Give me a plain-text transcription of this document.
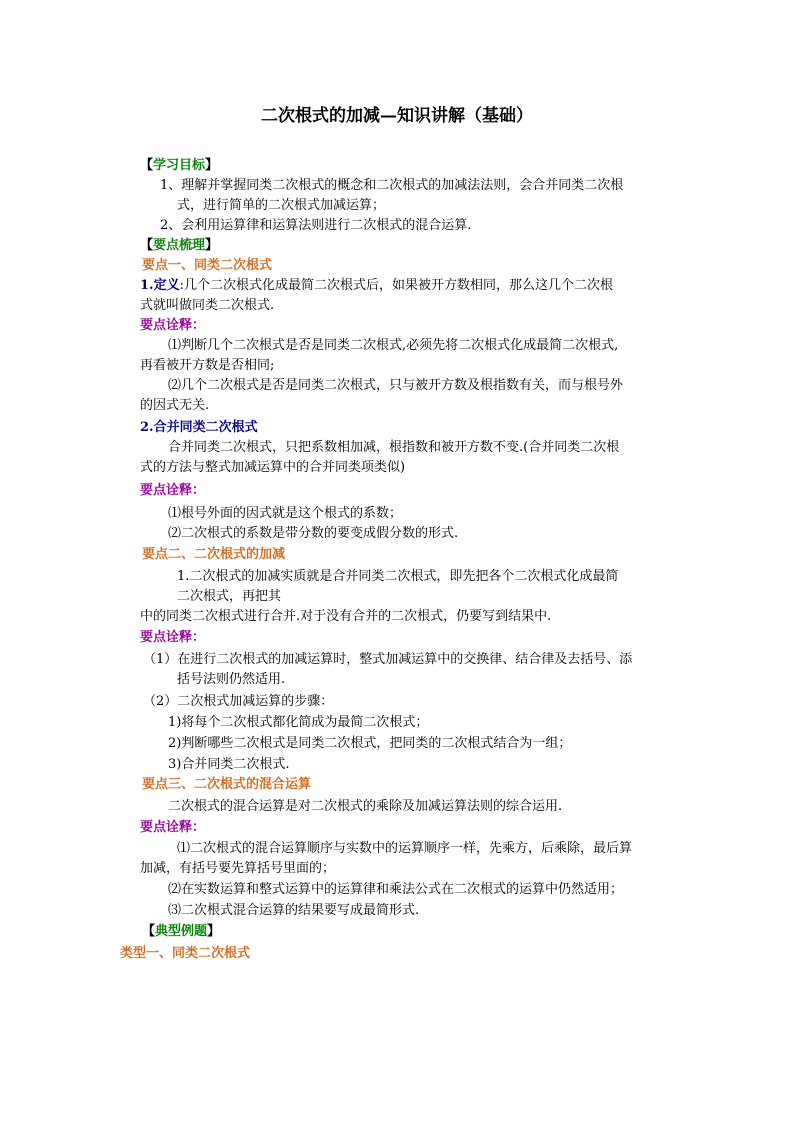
二次根式的加减—知识讲解（基础）
【学习目标】
1、理解并掌握同类二次根式的概念和二次根式的加减法法则，会合并同类二次根
式，进行简单的二次根式加减运算；
2、会利用运算律和运算法则进行二次根式的混合运算.
【要点梳理】
要点一、同类二次根式
1.定义:几个二次根式化成最简二次根式后，如果被开方数相同，那么这几个二次根
式就叫做同类二次根式.
要点诠释：
⑴判断几个二次根式是否是同类二次根式,必须先将二次根式化成最简二次根式,
再看被开方数是否相同;
⑵几个二次根式是否是同类二次根式，只与被开方数及根指数有关，而与根号外
的因式无关.
2.合并同类二次根式
合并同类二次根式，只把系数相加减，根指数和被开方数不变.(合并同类二次根
式的方法与整式加减运算中的合并同类项类似)
要点诠释：
⑴根号外面的因式就是这个根式的系数；
⑵二次根式的系数是带分数的要变成假分数的形式.
要点二、二次根式的加减
1.二次根式的加减实质就是合并同类二次根式，即先把各个二次根式化成最简
二次根式，再把其
中的同类二次根式进行合并.对于没有合并的二次根式，仍要写到结果中.
要点诠释：
（1）在进行二次根式的加减运算时，整式加减运算中的交换律、结合律及去括号、添
括号法则仍然适用.
（2）二次根式加减运算的步骤：
1)将每个二次根式都化简成为最简二次根式；
2)判断哪些二次根式是同类二次根式，把同类的二次根式结合为一组；
3)合并同类二次根式.
要点三、二次根式的混合运算
二次根式的混合运算是对二次根式的乘除及加减运算法则的综合运用.
要点诠释：
⑴二次根式的混合运算顺序与实数中的运算顺序一样，先乘方，后乘除，最后算
加减，有括号要先算括号里面的；
⑵在实数运算和整式运算中的运算律和乘法公式在二次根式的运算中仍然适用；
⑶二次根式混合运算的结果要写成最简形式.
【典型例题】
类型一、同类二次根式
